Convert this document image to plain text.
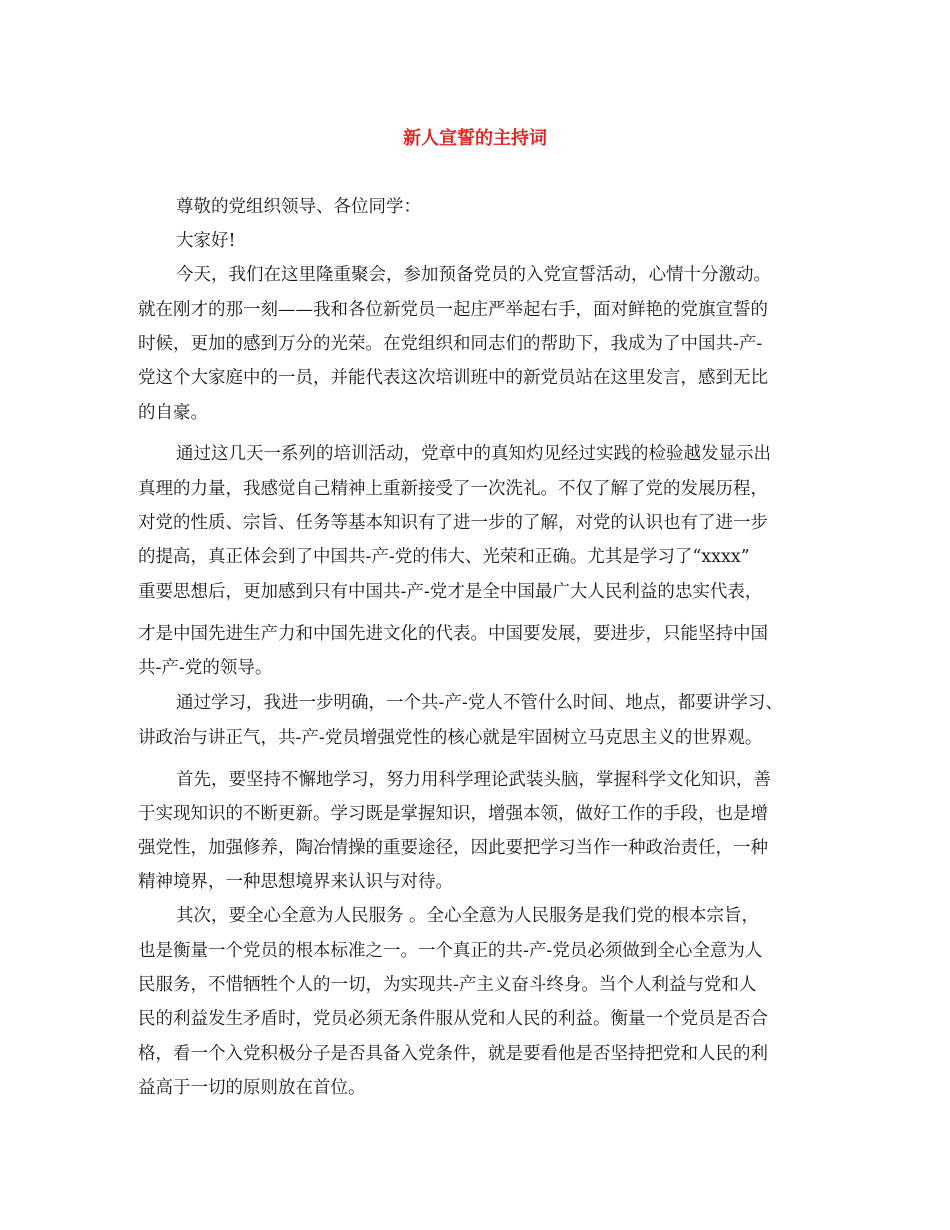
新人宣誓的主持词
尊敬的党组织领导、各位同学：
大家好!
今天，我们在这里隆重聚会，参加预备党员的入党宣誓活动，心情十分激动。
就在刚才的那一刻——我和各位新党员一起庄严举起右手，面对鲜艳的党旗宣誓的
时候，更加的感到万分的光荣。在党组织和同志们的帮助下，我成为了中国共-产-
党这个大家庭中的一员，并能代表这次培训班中的新党员站在这里发言，感到无比
的自豪。
通过这几天一系列的培训活动，党章中的真知灼见经过实践的检验越发显示出
真理的力量，我感觉自己精神上重新接受了一次洗礼。不仅了解了党的发展历程，
对党的性质、宗旨、任务等基本知识有了进一步的了解，对党的认识也有了进一步
的提高，真正体会到了中国共-产-党的伟大、光荣和正确。尤其是学习了“xxxx”
重要思想后，更加感到只有中国共-产-党才是全中国最广大人民利益的忠实代表，
才是中国先进生产力和中国先进文化的代表。中国要发展，要进步，只能坚持中国
共-产-党的领导。
通过学习，我进一步明确，一个共-产-党人不管什么时间、地点，都要讲学习、
讲政治与讲正气，共-产-党员增强党性的核心就是牢固树立马克思主义的世界观。
首先，要坚持不懈地学习，努力用科学理论武装头脑，掌握科学文化知识，善
于实现知识的不断更新。学习既是掌握知识，增强本领，做好工作的手段，也是增
强党性，加强修养，陶冶情操的重要途径，因此要把学习当作一种政治责任，一种
精神境界，一种思想境界来认识与对待。
其次，要全心全意为人民服务 。全心全意为人民服务是我们党的根本宗旨，
也是衡量一个党员的根本标准之一。一个真正的共-产-党员必须做到全心全意为人
民服务，不惜牺牲个人的一切，为实现共-产主义奋斗终身。当个人利益与党和人
民的利益发生矛盾时，党员必须无条件服从党和人民的利益。衡量一个党员是否合
格，看一个入党积极分子是否具备入党条件，就是要看他是否坚持把党和人民的利
益高于一切的原则放在首位。
